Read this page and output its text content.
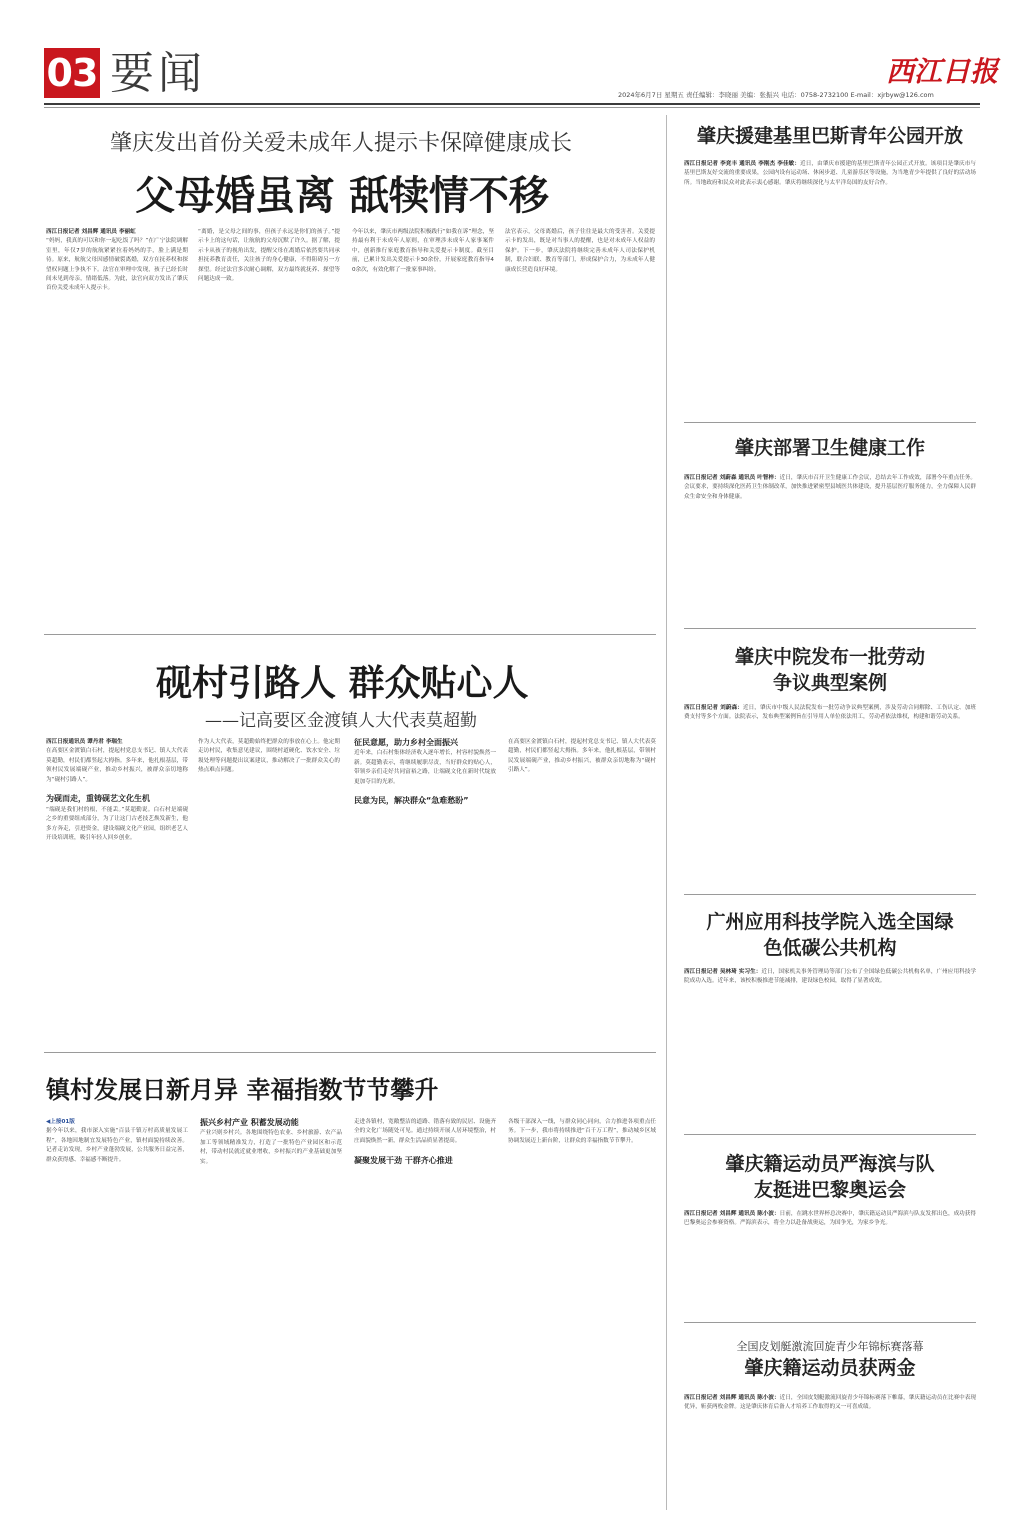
03 要闻	西江日报
2024年6月7日 星期五 责任编辑：李晓丽 美编：张振兴 电话：0758-2732100 E-mail：xjrbyw@126.com
肇庆发出首份关爱未成年人提示卡保障健康成长
父母婚虽离 舐犊情不移
西江日报记者 刘昌辉 通讯员 李丽虹
“妈妈，我真的可以和你一起吃饭了吗？”在广宁法院调解室里，年仅7岁的航航紧紧拉着妈妈的手，脸上满是期待。原来，航航父母因感情破裂离婚，双方在抚养权和探望权问题上争执不下。法官在审理中发现，孩子已经长时间未见到母亲，情绪低落。为此，法官向双方发出了肇庆首份关爱未成年人提示卡。
“离婚，是父母之间的事，但孩子永远是你们的孩子。”提示卡上的这句话，让航航的父母沉默了许久。据了解，提示卡从孩子的视角出发，提醒父母在离婚后依然要共同承担抚养教育责任，关注孩子的身心健康，不得阻碍另一方探望。经过法官多次耐心调解，双方最终就抚养、探望等问题达成一致。
今年以来，肇庆市两级法院积极践行“如我在诉”理念，坚持最有利于未成年人原则，在审理涉未成年人家事案件中，创新推行家庭教育指导和关爱提示卡制度。截至目前，已累计发出关爱提示卡30余份，开展家庭教育指导40余次，有效化解了一批家事纠纷。
法官表示，父母离婚后，孩子往往是最大的受害者。关爱提示卡的发出，既是对当事人的提醒，也是对未成年人权益的保护。下一步，肇庆法院将继续完善未成年人司法保护机制，联合妇联、教育等部门，形成保护合力，为未成年人健康成长营造良好环境。
砚村引路人 群众贴心人
——记高要区金渡镇人大代表莫超勤
西江日报通讯员 谭丹君 李瑞生
在高要区金渡镇白石村，提起村党总支书记、镇人大代表莫超勤，村民们都竖起大拇指。多年来，他扎根基层，带领村民发展端砚产业，推动乡村振兴，被群众亲切地称为“砚村引路人”。

为砚而走，重铸砚艺文化生机
“端砚是我们村的根，不能丢。”莫超勤说。白石村是端砚之乡的重要组成部分，为了让这门古老技艺焕发新生，他多方奔走，引进资金，建设端砚文化产业园，组织老艺人开设培训班，吸引年轻人回乡创业。
作为人大代表，莫超勤始终把群众的事放在心上。他定期走访村民，收集意见建议，围绕村道硬化、饮水安全、垃圾处理等问题提出议案建议，推动解决了一批群众关心的热点难点问题。
征民意愿，助力乡村全面振兴
近年来，白石村集体经济收入逐年增长，村容村貌焕然一新。莫超勤表示，将继续履职尽责，当好群众的贴心人，带领乡亲们走好共同富裕之路，让端砚文化在新时代绽放更加夺目的光彩。

民意为民，解决群众“急难愁盼”
在高要区金渡镇白石村，提起村党总支书记、镇人大代表莫超勤，村民们都竖起大拇指。多年来，他扎根基层，带领村民发展端砚产业，推动乡村振兴，被群众亲切地称为“砚村引路人”。
镇村发展日新月异 幸福指数节节攀升
◀上接01版
据今年以来，我市深入实施“百县千镇万村高质量发展工程”，各地因地制宜发展特色产业，镇村面貌持续改善。记者走访发现，乡村产业蓬勃发展，公共服务日益完善，群众获得感、幸福感不断提升。
振兴乡村产业 积蓄发展动能
产业兴则乡村兴。各地围绕特色农业、乡村旅游、农产品加工等领域精准发力，打造了一批特色产业园区和示范村，带动村民就近就业增收，乡村振兴的产业基础更加坚实。
走进各镇村，宽敞整洁的道路、错落有致的民居、设施齐全的文化广场随处可见。通过持续开展人居环境整治，村庄面貌焕然一新，群众生活品质显著提高。

凝聚发展干劲 干群齐心推进
各级干部深入一线，与群众同心同向，合力推进各项重点任务。下一步，我市将持续推进“百千万工程”，推动城乡区域协调发展迈上新台阶，让群众的幸福指数节节攀升。
肇庆援建基里巴斯青年公园开放
西江日报记者 李竞丰 通讯员 李刚杰 李佳敏：近日，由肇庆市援建的基里巴斯青年公园正式开放。该项目是肇庆市与基里巴斯友好交流的重要成果，公园内设有运动场、休闲步道、儿童游乐区等设施，为当地青少年提供了良好的活动场所。当地政府和民众对此表示衷心感谢。肇庆将继续深化与太平洋岛国的友好合作。
肇庆部署卫生健康工作
西江日报记者 刘蔚森 通讯员 叶智梓：近日，肇庆市召开卫生健康工作会议，总结去年工作成效，部署今年重点任务。会议要求，要持续深化医药卫生体制改革，加快推进紧密型县域医共体建设，提升基层医疗服务能力，全力保障人民群众生命安全和身体健康。
肇庆中院发布一批劳动争议典型案例
西江日报记者 刘蔚森：近日，肇庆市中级人民法院发布一批劳动争议典型案例，涉及劳动合同解除、工伤认定、加班费支付等多个方面。法院表示，发布典型案例旨在引导用人单位依法用工，劳动者依法维权，构建和谐劳动关系。
广州应用科技学院入选全国绿色低碳公共机构
西江日报记者 吴林琦 实习生：近日，国家机关事务管理局等部门公布了全国绿色低碳公共机构名单，广州应用科技学院成功入选。近年来，该校积极推进节能减排，建设绿色校园，取得了显著成效。
肇庆籍运动员严海滨与队友挺进巴黎奥运会
西江日报记者 刘昌辉 通讯员 陈小波：日前，在跳水世界杯总决赛中，肇庆籍运动员严海滨与队友发挥出色，成功获得巴黎奥运会参赛资格。严海滨表示，将全力以赴备战奥运，为国争光，为家乡争光。
全国皮划艇激流回旋青少年锦标赛落幕
肇庆籍运动员获两金
西江日报记者 刘昌辉 通讯员 陈小波：近日，全国皮划艇激流回旋青少年锦标赛落下帷幕，肇庆籍运动员在比赛中表现优异，斩获两枚金牌。这是肇庆体育后备人才培养工作取得的又一可喜成绩。
